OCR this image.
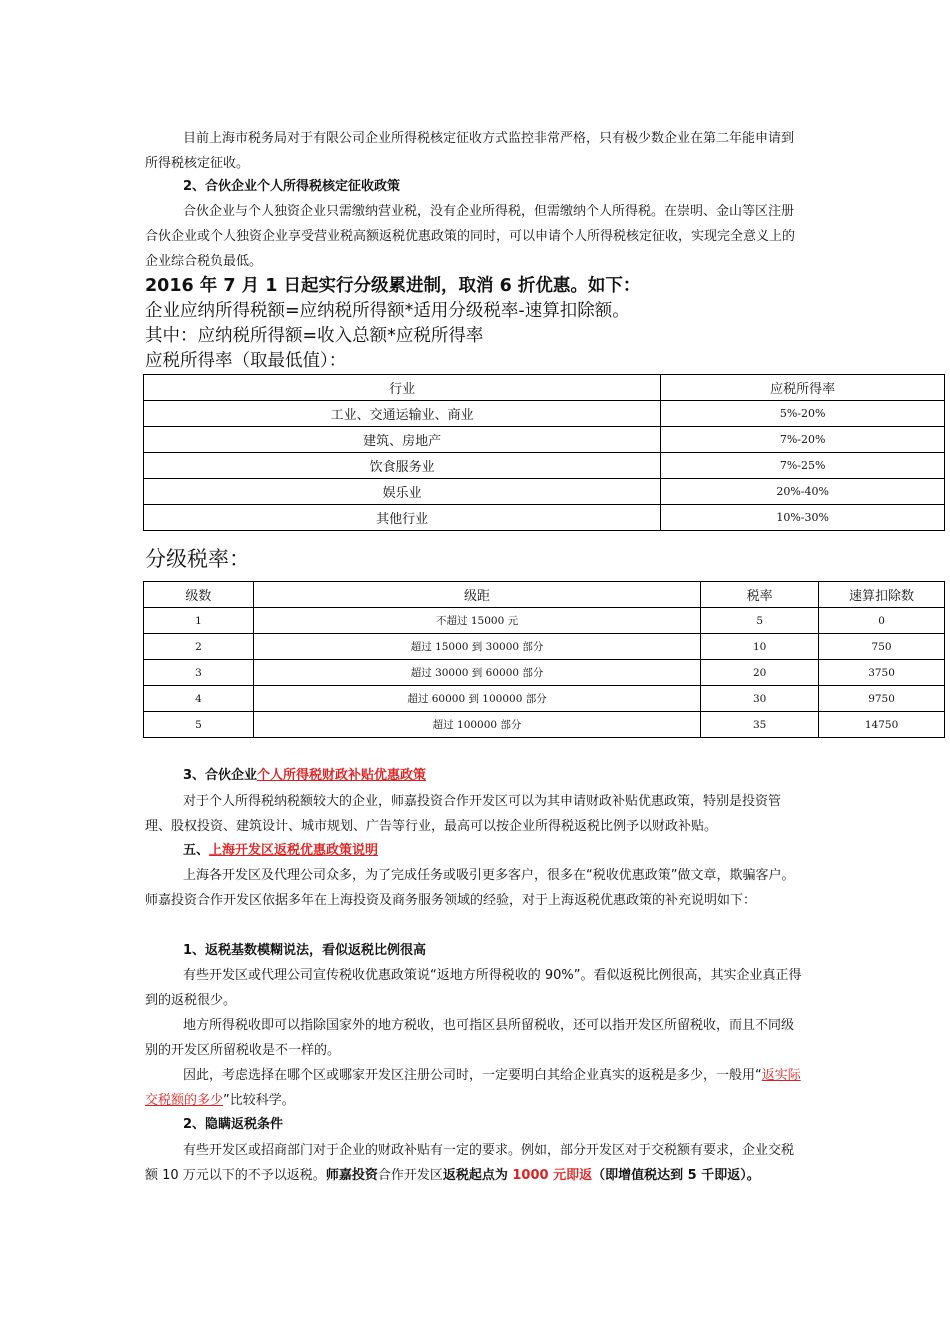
目前上海市税务局对于有限公司企业所得税核定征收方式监控非常严格，只有极少数企业在第二年能申请到所得税核定征收。

2、合伙企业个人所得税核定征收政策

合伙企业与个人独资企业只需缴纳营业税，没有企业所得税，但需缴纳个人所得税。在崇明、金山等区注册合伙企业或个人独资企业享受营业税高额返税优惠政策的同时，可以申请个人所得税核定征收，实现完全意义上的企业综合税负最低。

2016 年 7 月 1 日起实行分级累进制，取消 6 折优惠。如下：

企业应纳所得税额=应纳税所得额*适用分级税率-速算扣除额。

其中：应纳税所得额=收入总额*应税所得率

应税所得率（取最低值）：

行业	应税所得率
工业、交通运输业、商业	5%-20%
建筑、房地产	7%-20%
饮食服务业	7%-25%
娱乐业	20%-40%
其他行业	10%-30%

分级税率：

级数	级距	税率	速算扣除数
1	不超过 15000 元	5	0
2	超过 15000 到 30000 部分	10	750
3	超过 30000 到 60000 部分	20	3750
4	超过 60000 到 100000 部分	30	9750
5	超过 100000 部分	35	14750

3、合伙企业个人所得税财政补贴优惠政策

对于个人所得税纳税额较大的企业，师嘉投资合作开发区可以为其申请财政补贴优惠政策，特别是投资管理、股权投资、建筑设计、城市规划、广告等行业，最高可以按企业所得税返税比例予以财政补贴。

五、上海开发区返税优惠政策说明

上海各开发区及代理公司众多，为了完成任务或吸引更多客户，很多在“税收优惠政策”做文章，欺骗客户。师嘉投资合作开发区依据多年在上海投资及商务服务领域的经验，对于上海返税优惠政策的补充说明如下：

1、返税基数模糊说法，看似返税比例很高

有些开发区或代理公司宣传税收优惠政策说“返地方所得税收的 90%”。看似返税比例很高，其实企业真正得到的返税很少。

地方所得税收即可以指除国家外的地方税收，也可指区县所留税收，还可以指开发区所留税收，而且不同级别的开发区所留税收是不一样的。

因此，考虑选择在哪个区或哪家开发区注册公司时，一定要明白其给企业真实的返税是多少，一般用“返实际交税额的多少”比较科学。

2、隐瞒返税条件

有些开发区或招商部门对于企业的财政补贴有一定的要求。例如，部分开发区对于交税额有要求，企业交税额 10 万元以下的不予以返税。师嘉投资合作开发区返税起点为 1000 元即返（即增值税达到 5 千即返）。
